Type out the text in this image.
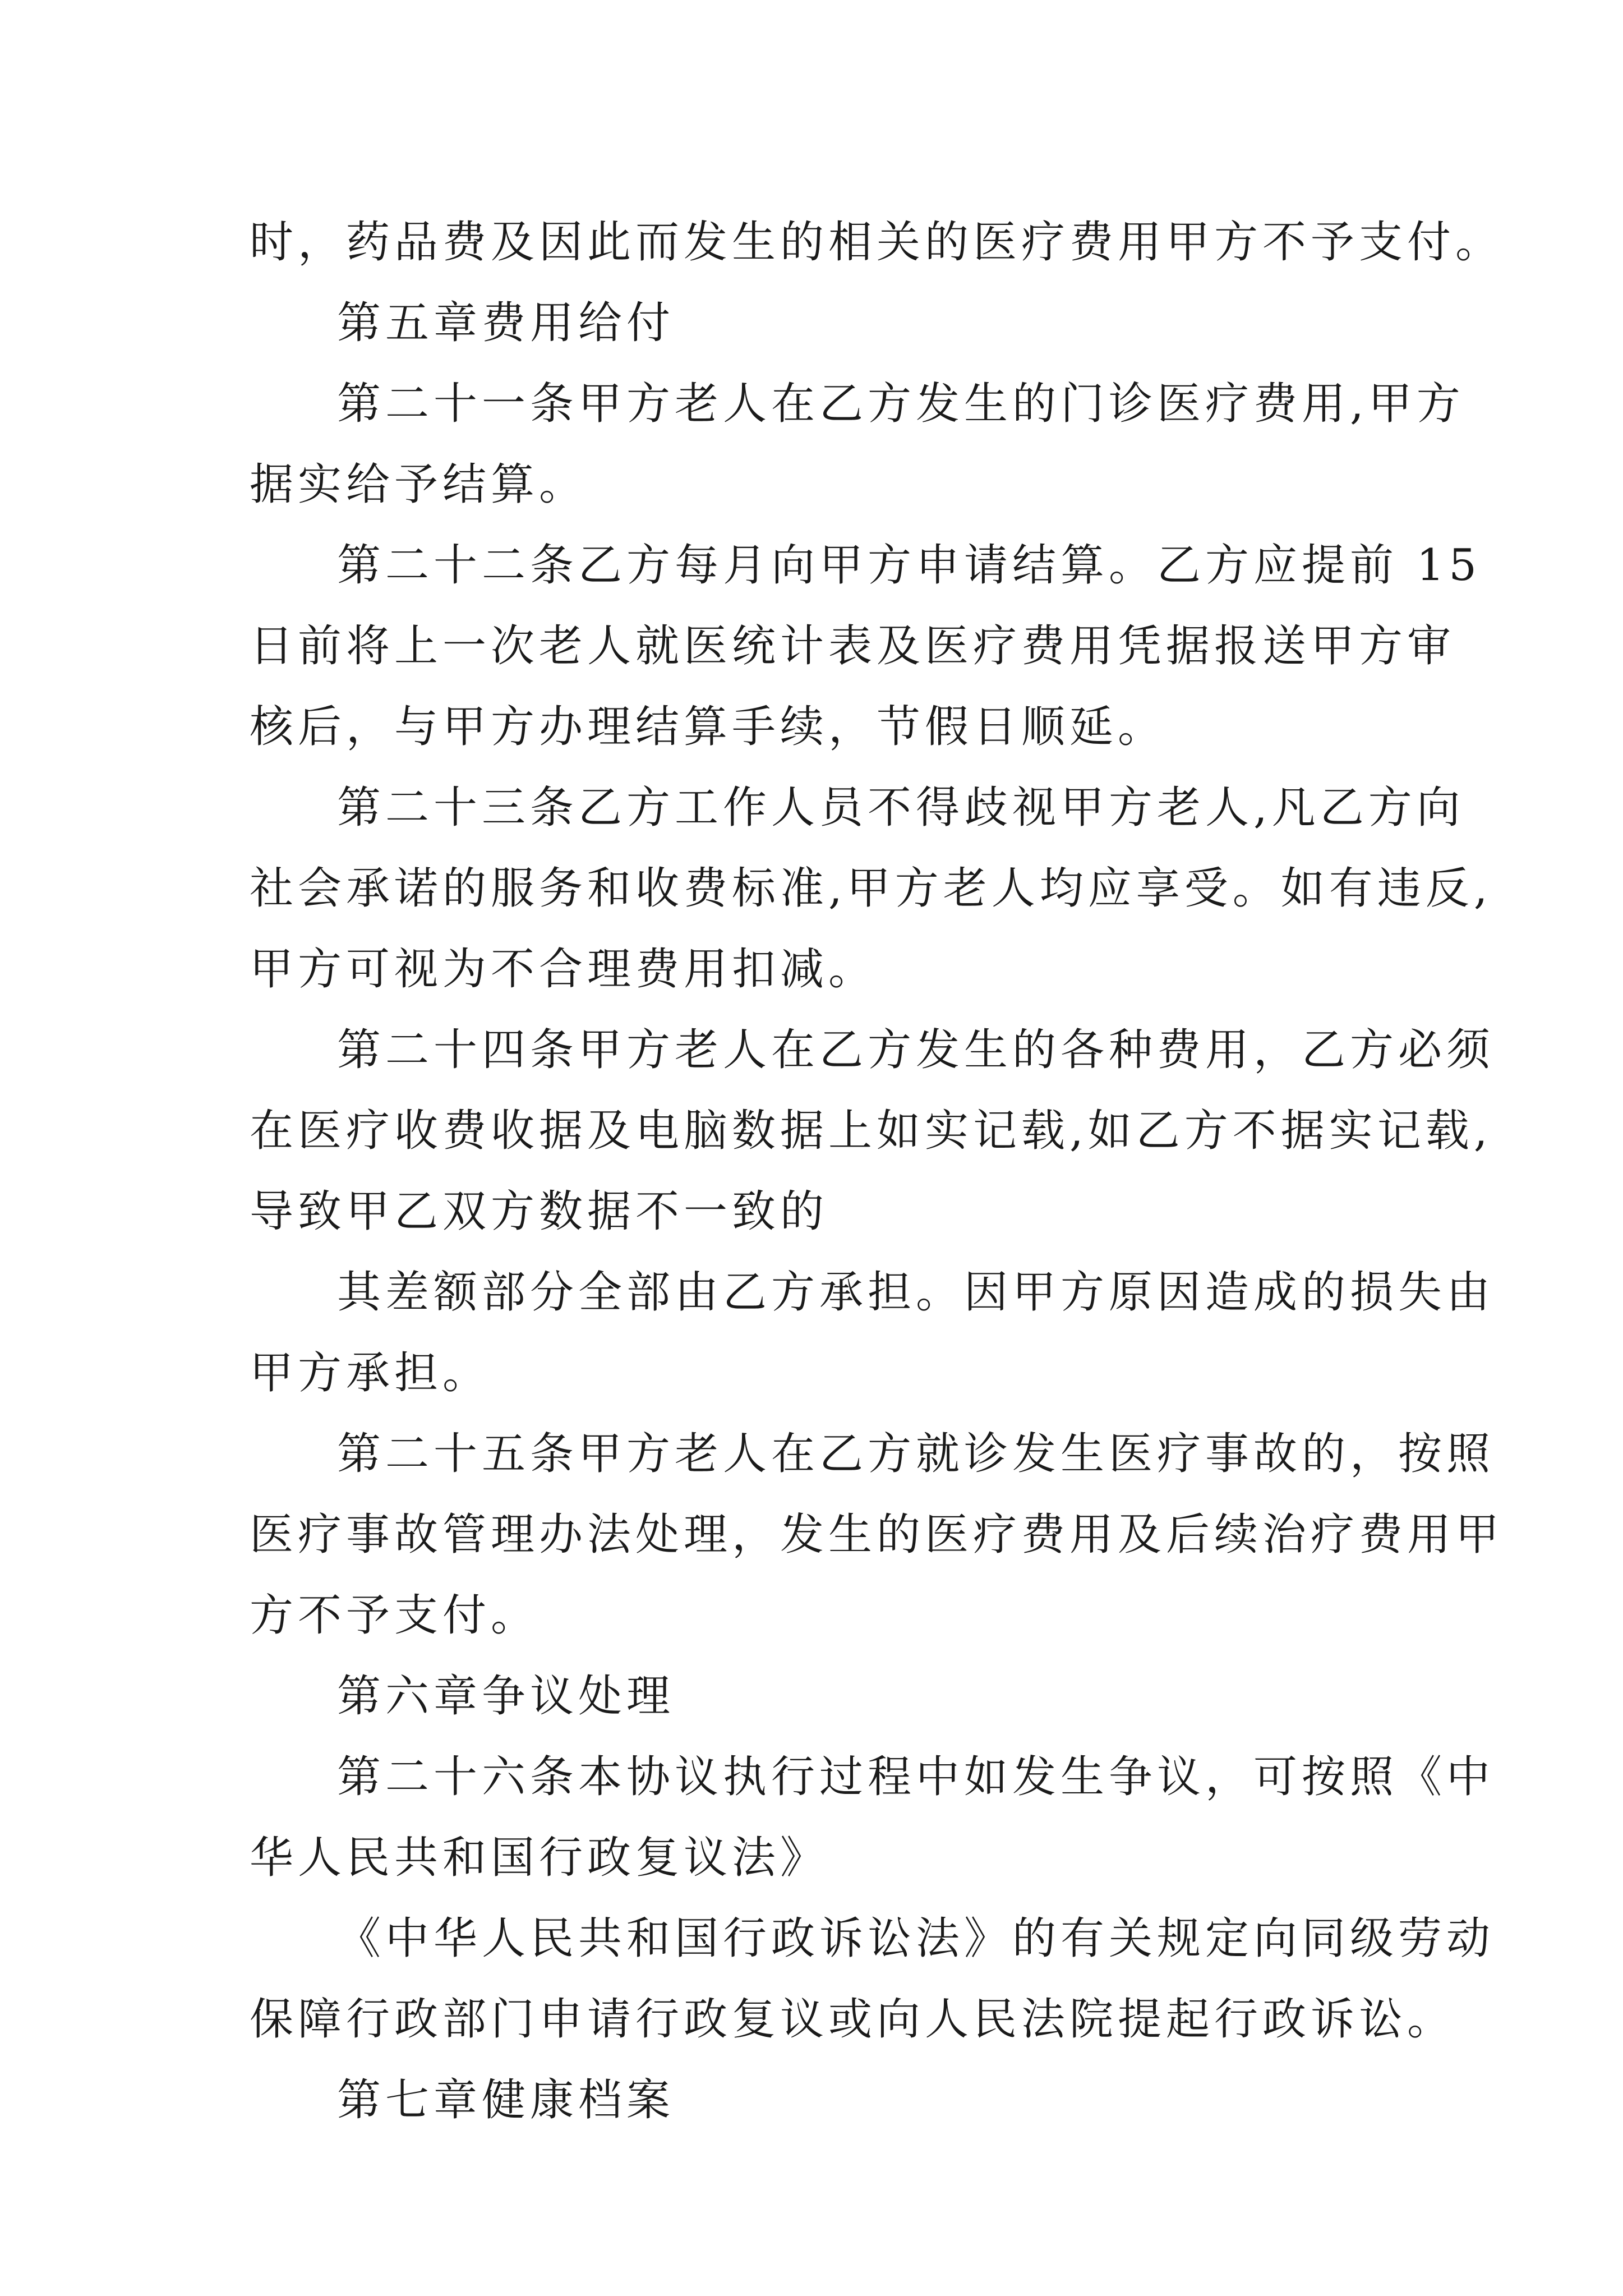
时，药品费及因此而发生的相关的医疗费用甲方不予支付。
第五章费用给付
第二十一条甲方老人在乙方发生的门诊医疗费用,甲方
据实给予结算。
第二十二条乙方每月向甲方申请结算。乙方应提前 15
日前将上一次老人就医统计表及医疗费用凭据报送甲方审
核后，与甲方办理结算手续，节假日顺延。
第二十三条乙方工作人员不得歧视甲方老人,凡乙方向
社会承诺的服务和收费标准,甲方老人均应享受。如有违反,
甲方可视为不合理费用扣减。
第二十四条甲方老人在乙方发生的各种费用，乙方必须
在医疗收费收据及电脑数据上如实记载,如乙方不据实记载,
导致甲乙双方数据不一致的
其差额部分全部由乙方承担。因甲方原因造成的损失由
甲方承担。
第二十五条甲方老人在乙方就诊发生医疗事故的，按照
医疗事故管理办法处理，发生的医疗费用及后续治疗费用甲
方不予支付。
第六章争议处理
第二十六条本协议执行过程中如发生争议，可按照《中
华人民共和国行政复议法》
《中华人民共和国行政诉讼法》的有关规定向同级劳动
保障行政部门申请行政复议或向人民法院提起行政诉讼。
第七章健康档案
